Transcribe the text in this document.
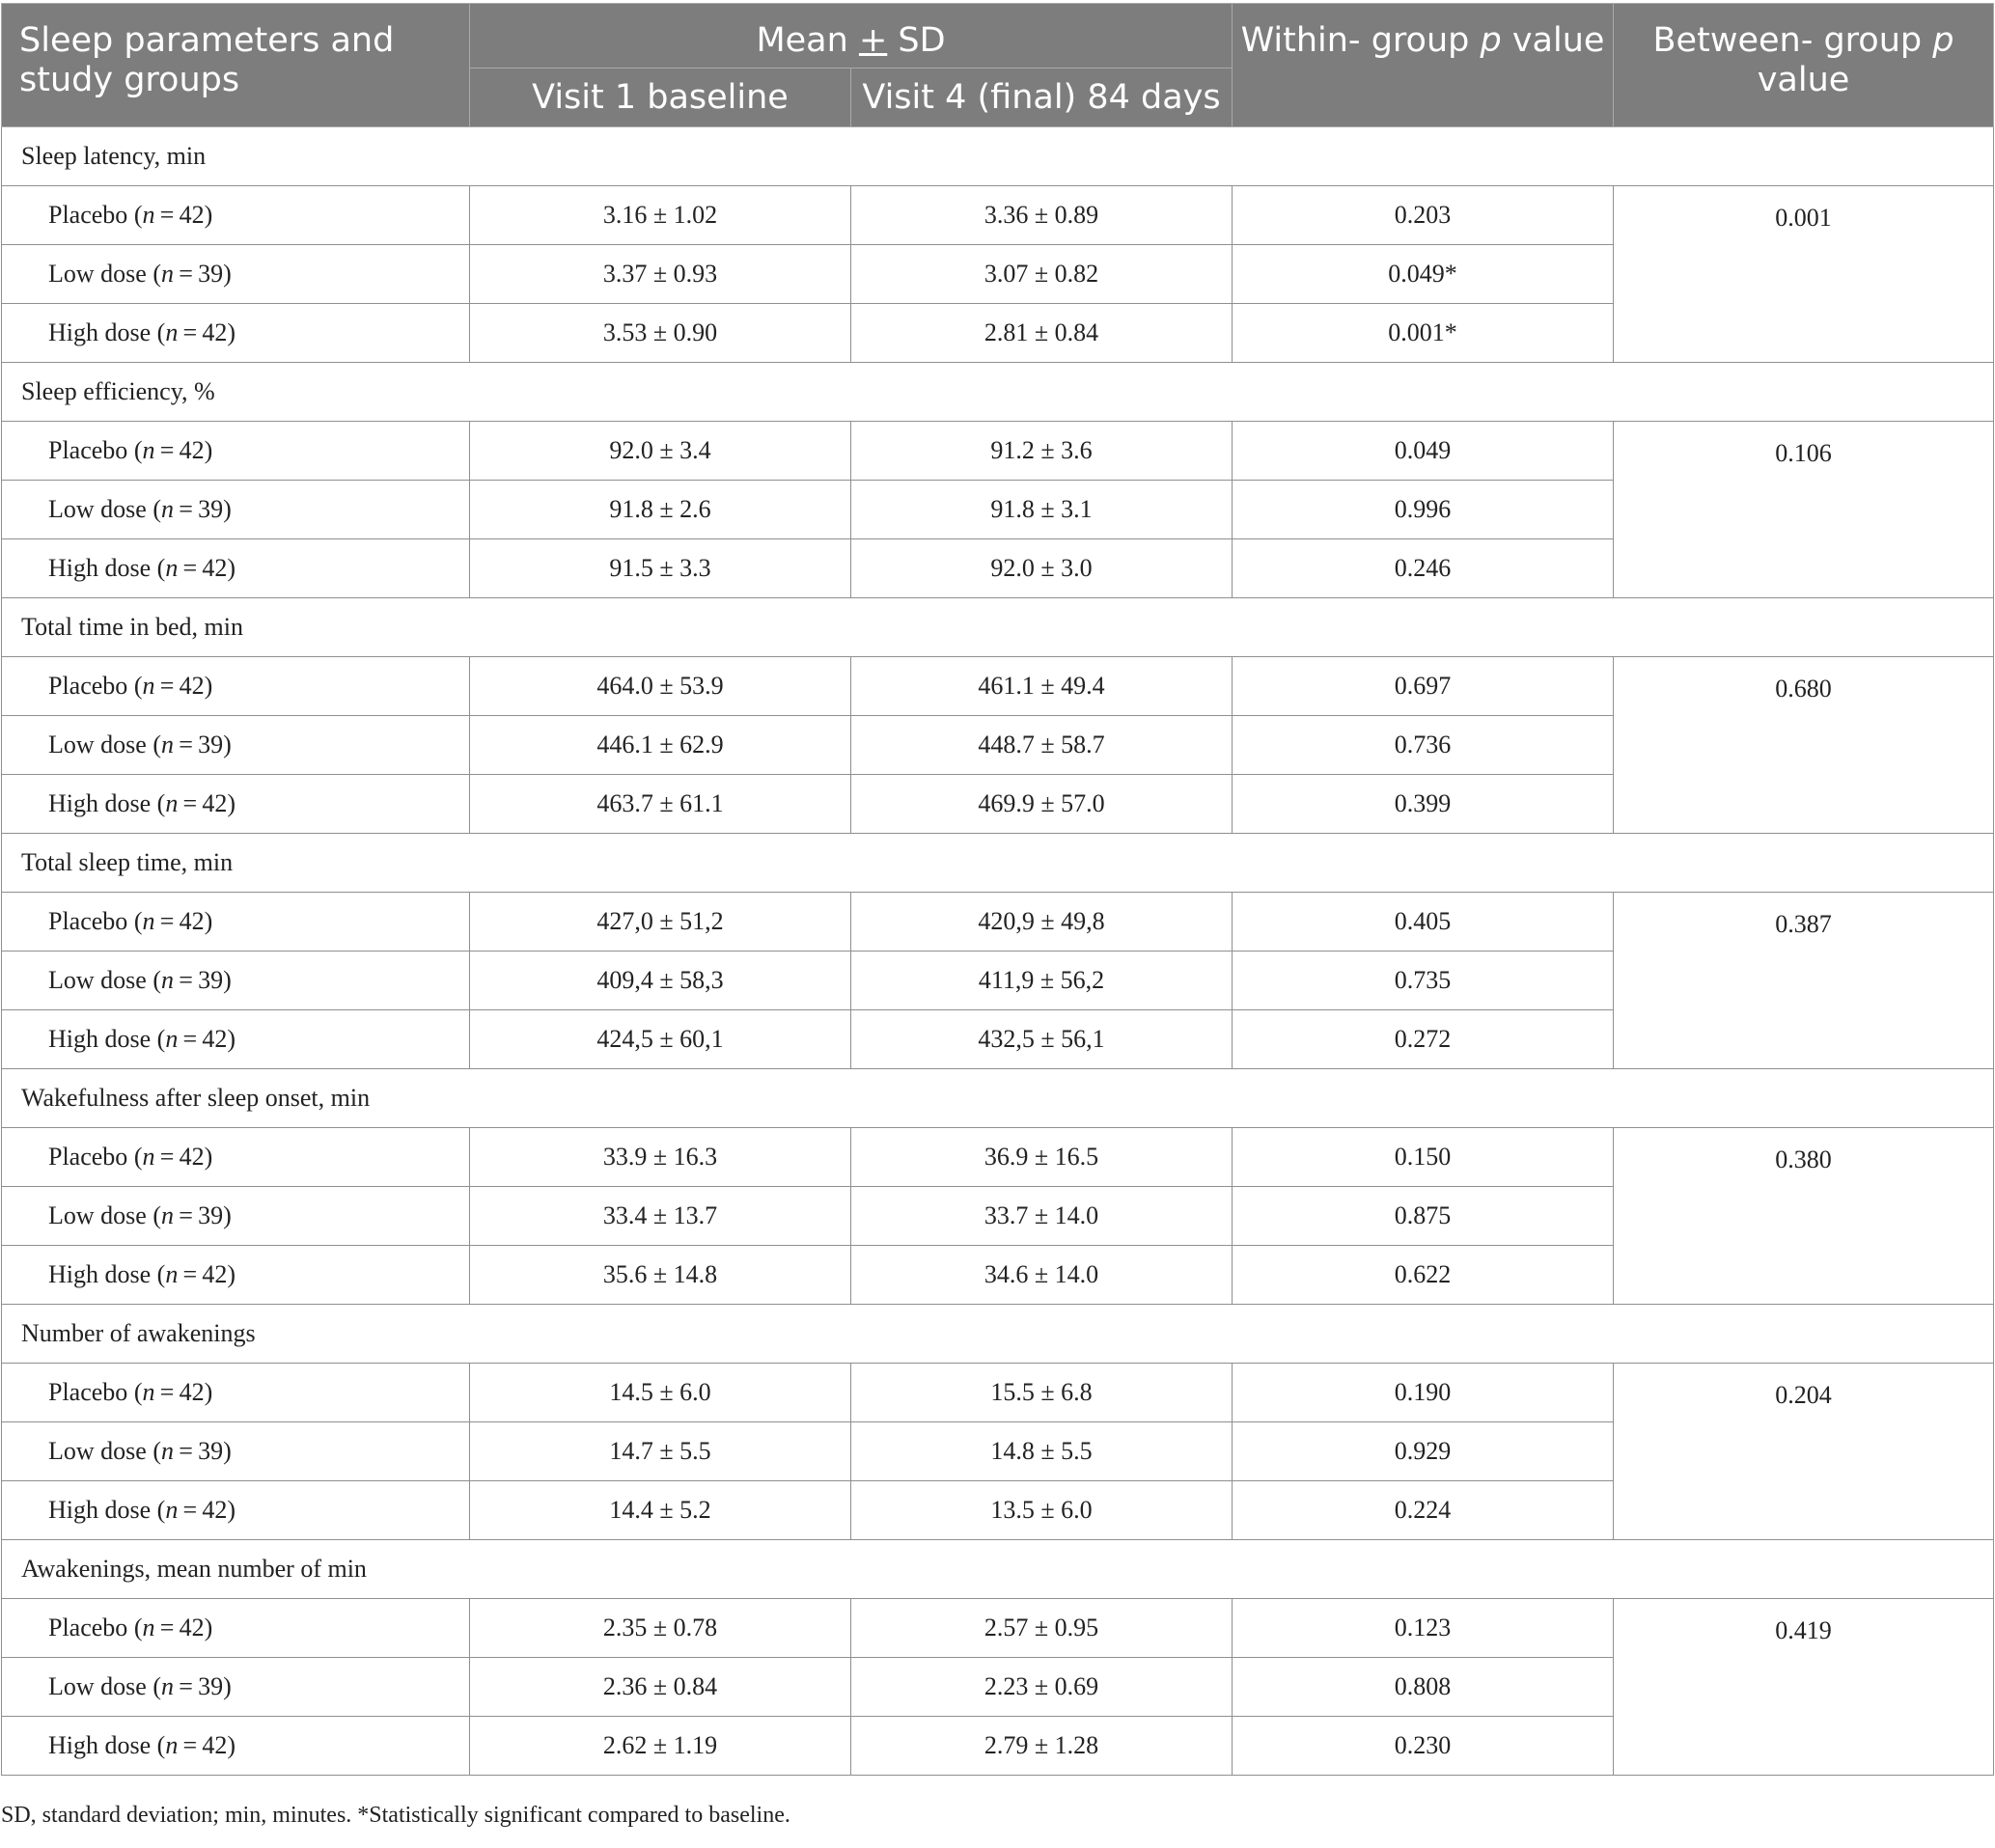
Sleep parameters and study groups	Mean + SD		Within- group p value	Between- group p value
	Visit 1 baseline	Visit 4 (final) 84 days		
Sleep latency, min				
Placebo (n = 42)	3.16 ± 1.02	3.36 ± 0.89	0.203	0.001
Low dose (n = 39)	3.37 ± 0.93	3.07 ± 0.82	0.049*	
High dose (n = 42)	3.53 ± 0.90	2.81 ± 0.84	0.001*	
Sleep efficiency, %				
Placebo (n = 42)	92.0 ± 3.4	91.2 ± 3.6	0.049	0.106
Low dose (n = 39)	91.8 ± 2.6	91.8 ± 3.1	0.996	
High dose (n = 42)	91.5 ± 3.3	92.0 ± 3.0	0.246	
Total time in bed, min				
Placebo (n = 42)	464.0 ± 53.9	461.1 ± 49.4	0.697	0.680
Low dose (n = 39)	446.1 ± 62.9	448.7 ± 58.7	0.736	
High dose (n = 42)	463.7 ± 61.1	469.9 ± 57.0	0.399	
Total sleep time, min				
Placebo (n = 42)	427,0 ± 51,2	420,9 ± 49,8	0.405	0.387
Low dose (n = 39)	409,4 ± 58,3	411,9 ± 56,2	0.735	
High dose (n = 42)	424,5 ± 60,1	432,5 ± 56,1	0.272	
Wakefulness after sleep onset, min				
Placebo (n = 42)	33.9 ± 16.3	36.9 ± 16.5	0.150	0.380
Low dose (n = 39)	33.4 ± 13.7	33.7 ± 14.0	0.875	
High dose (n = 42)	35.6 ± 14.8	34.6 ± 14.0	0.622	
Number of awakenings				
Placebo (n = 42)	14.5 ± 6.0	15.5 ± 6.8	0.190	0.204
Low dose (n = 39)	14.7 ± 5.5	14.8 ± 5.5	0.929	
High dose (n = 42)	14.4 ± 5.2	13.5 ± 6.0	0.224	
Awakenings, mean number of min				
Placebo (n = 42)	2.35 ± 0.78	2.57 ± 0.95	0.123	0.419
Low dose (n = 39)	2.36 ± 0.84	2.23 ± 0.69	0.808	
High dose (n = 42)	2.62 ± 1.19	2.79 ± 1.28	0.230	
SD, standard deviation; min, minutes. *Statistically significant compared to baseline.
